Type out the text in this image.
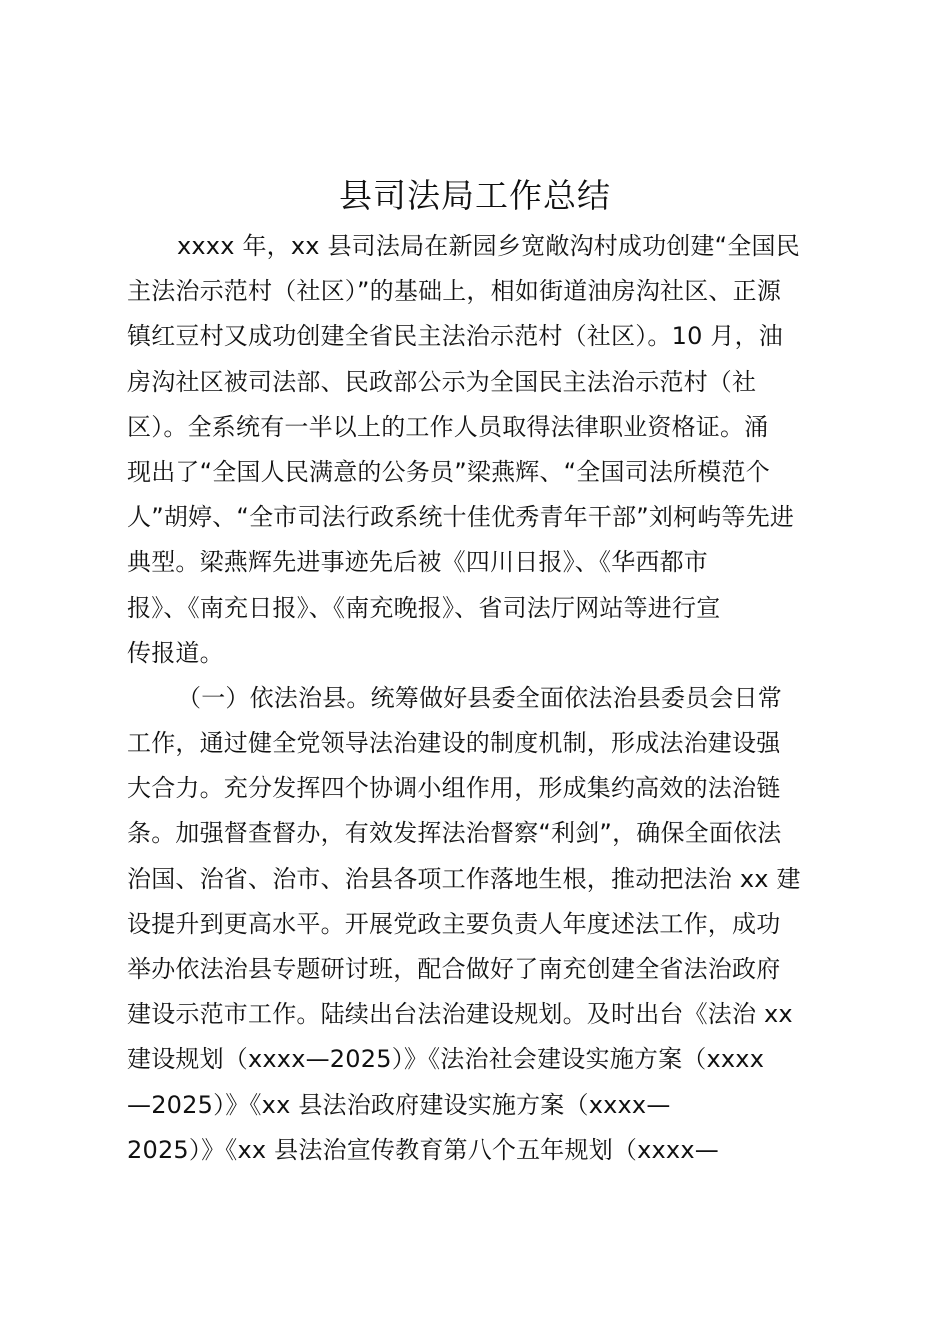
县司法局工作总结
xxxx 年，xx 县司法局在新园乡宽敞沟村成功创建“全国民
主法治示范村（社区）”的基础上，相如街道油房沟社区、正源
镇红豆村又成功创建全省民主法治示范村（社区）。10 月，油
房沟社区被司法部、民政部公示为全国民主法治示范村（社
区）。全系统有一半以上的工作人员取得法律职业资格证。涌
现出了“全国人民满意的公务员”梁燕辉、“全国司法所模范个
人”胡婷、“全市司法行政系统十佳优秀青年干部”刘柯屿等先进
典型。梁燕辉先进事迹先后被《四川日报》、《华西都市
报》、《南充日报》、《南充晚报》、省司法厅网站等进行宣
传报道。
（一）依法治县。统筹做好县委全面依法治县委员会日常
工作，通过健全党领导法治建设的制度机制，形成法治建设强
大合力。充分发挥四个协调小组作用，形成集约高效的法治链
条。加强督查督办，有效发挥法治督察“利剑”，确保全面依法
治国、治省、治市、治县各项工作落地生根，推动把法治 xx 建
设提升到更高水平。开展党政主要负责人年度述法工作，成功
举办依法治县专题研讨班，配合做好了南充创建全省法治政府
建设示范市工作。陆续出台法治建设规划。及时出台《法治 xx
建设规划（xxxx—2025）》《法治社会建设实施方案（xxxx
—2025）》《xx 县法治政府建设实施方案（xxxx—
2025）》《xx 县法治宣传教育第八个五年规划（xxxx—
